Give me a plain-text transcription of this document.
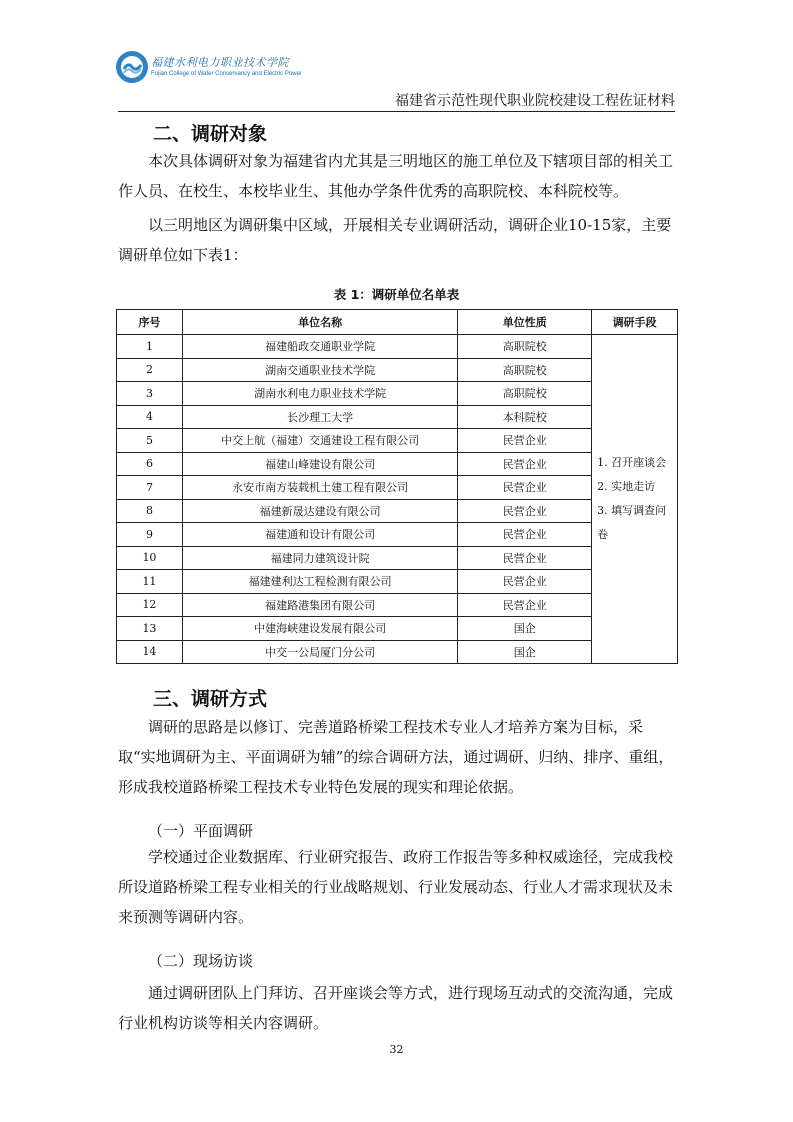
福建水利电力职业技术学院
Fujian College of Water Conservancy and Electric Power
福建省示范性现代职业院校建设工程佐证材料
二、调研对象
本次具体调研对象为福建省内尤其是三明地区的施工单位及下辖项目部的相关工作人员、在校生、本校毕业生、其他办学条件优秀的高职院校、本科院校等。
以三明地区为调研集中区域，开展相关专业调研活动，调研企业10-15家，主要调研单位如下表1：
表 1：调研单位名单表
序号	单位名称	单位性质	调研手段
1	福建船政交通职业学院	高职院校	1. 召开座谈会
2. 实地走访
3. 填写调查问
卷

2	湖南交通职业技术学院	高职院校	
3	湖南水利电力职业技术学院	高职院校	
4	长沙理工大学	本科院校	
5	中交上航（福建）交通建设工程有限公司	民营企业	
6	福建山峰建设有限公司	民营企业	
7	永安市南方装载机土建工程有限公司	民营企业	
8	福建新晟达建设有限公司	民营企业	
9	福建通和设计有限公司	民营企业	
10	福建同力建筑设计院	民营企业	
11	福建建利达工程检测有限公司	民营企业	
12	福建路港集团有限公司	民营企业	
13	中建海峡建设发展有限公司	国企	
14	中交一公局厦门分公司	国企	
三、调研方式
调研的思路是以修订、完善道路桥梁工程技术专业人才培养方案为目标，采取“实地调研为主、平面调研为辅”的综合调研方法，通过调研、归纳、排序、重组，形成我校道路桥梁工程技术专业特色发展的现实和理论依据。
（一）平面调研
学校通过企业数据库、行业研究报告、政府工作报告等多种权威途径，完成我校所设道路桥梁工程专业相关的行业战略规划、行业发展动态、行业人才需求现状及未来预测等调研内容。
（二）现场访谈
通过调研团队上门拜访、召开座谈会等方式，进行现场互动式的交流沟通，完成行业机构访谈等相关内容调研。
32
